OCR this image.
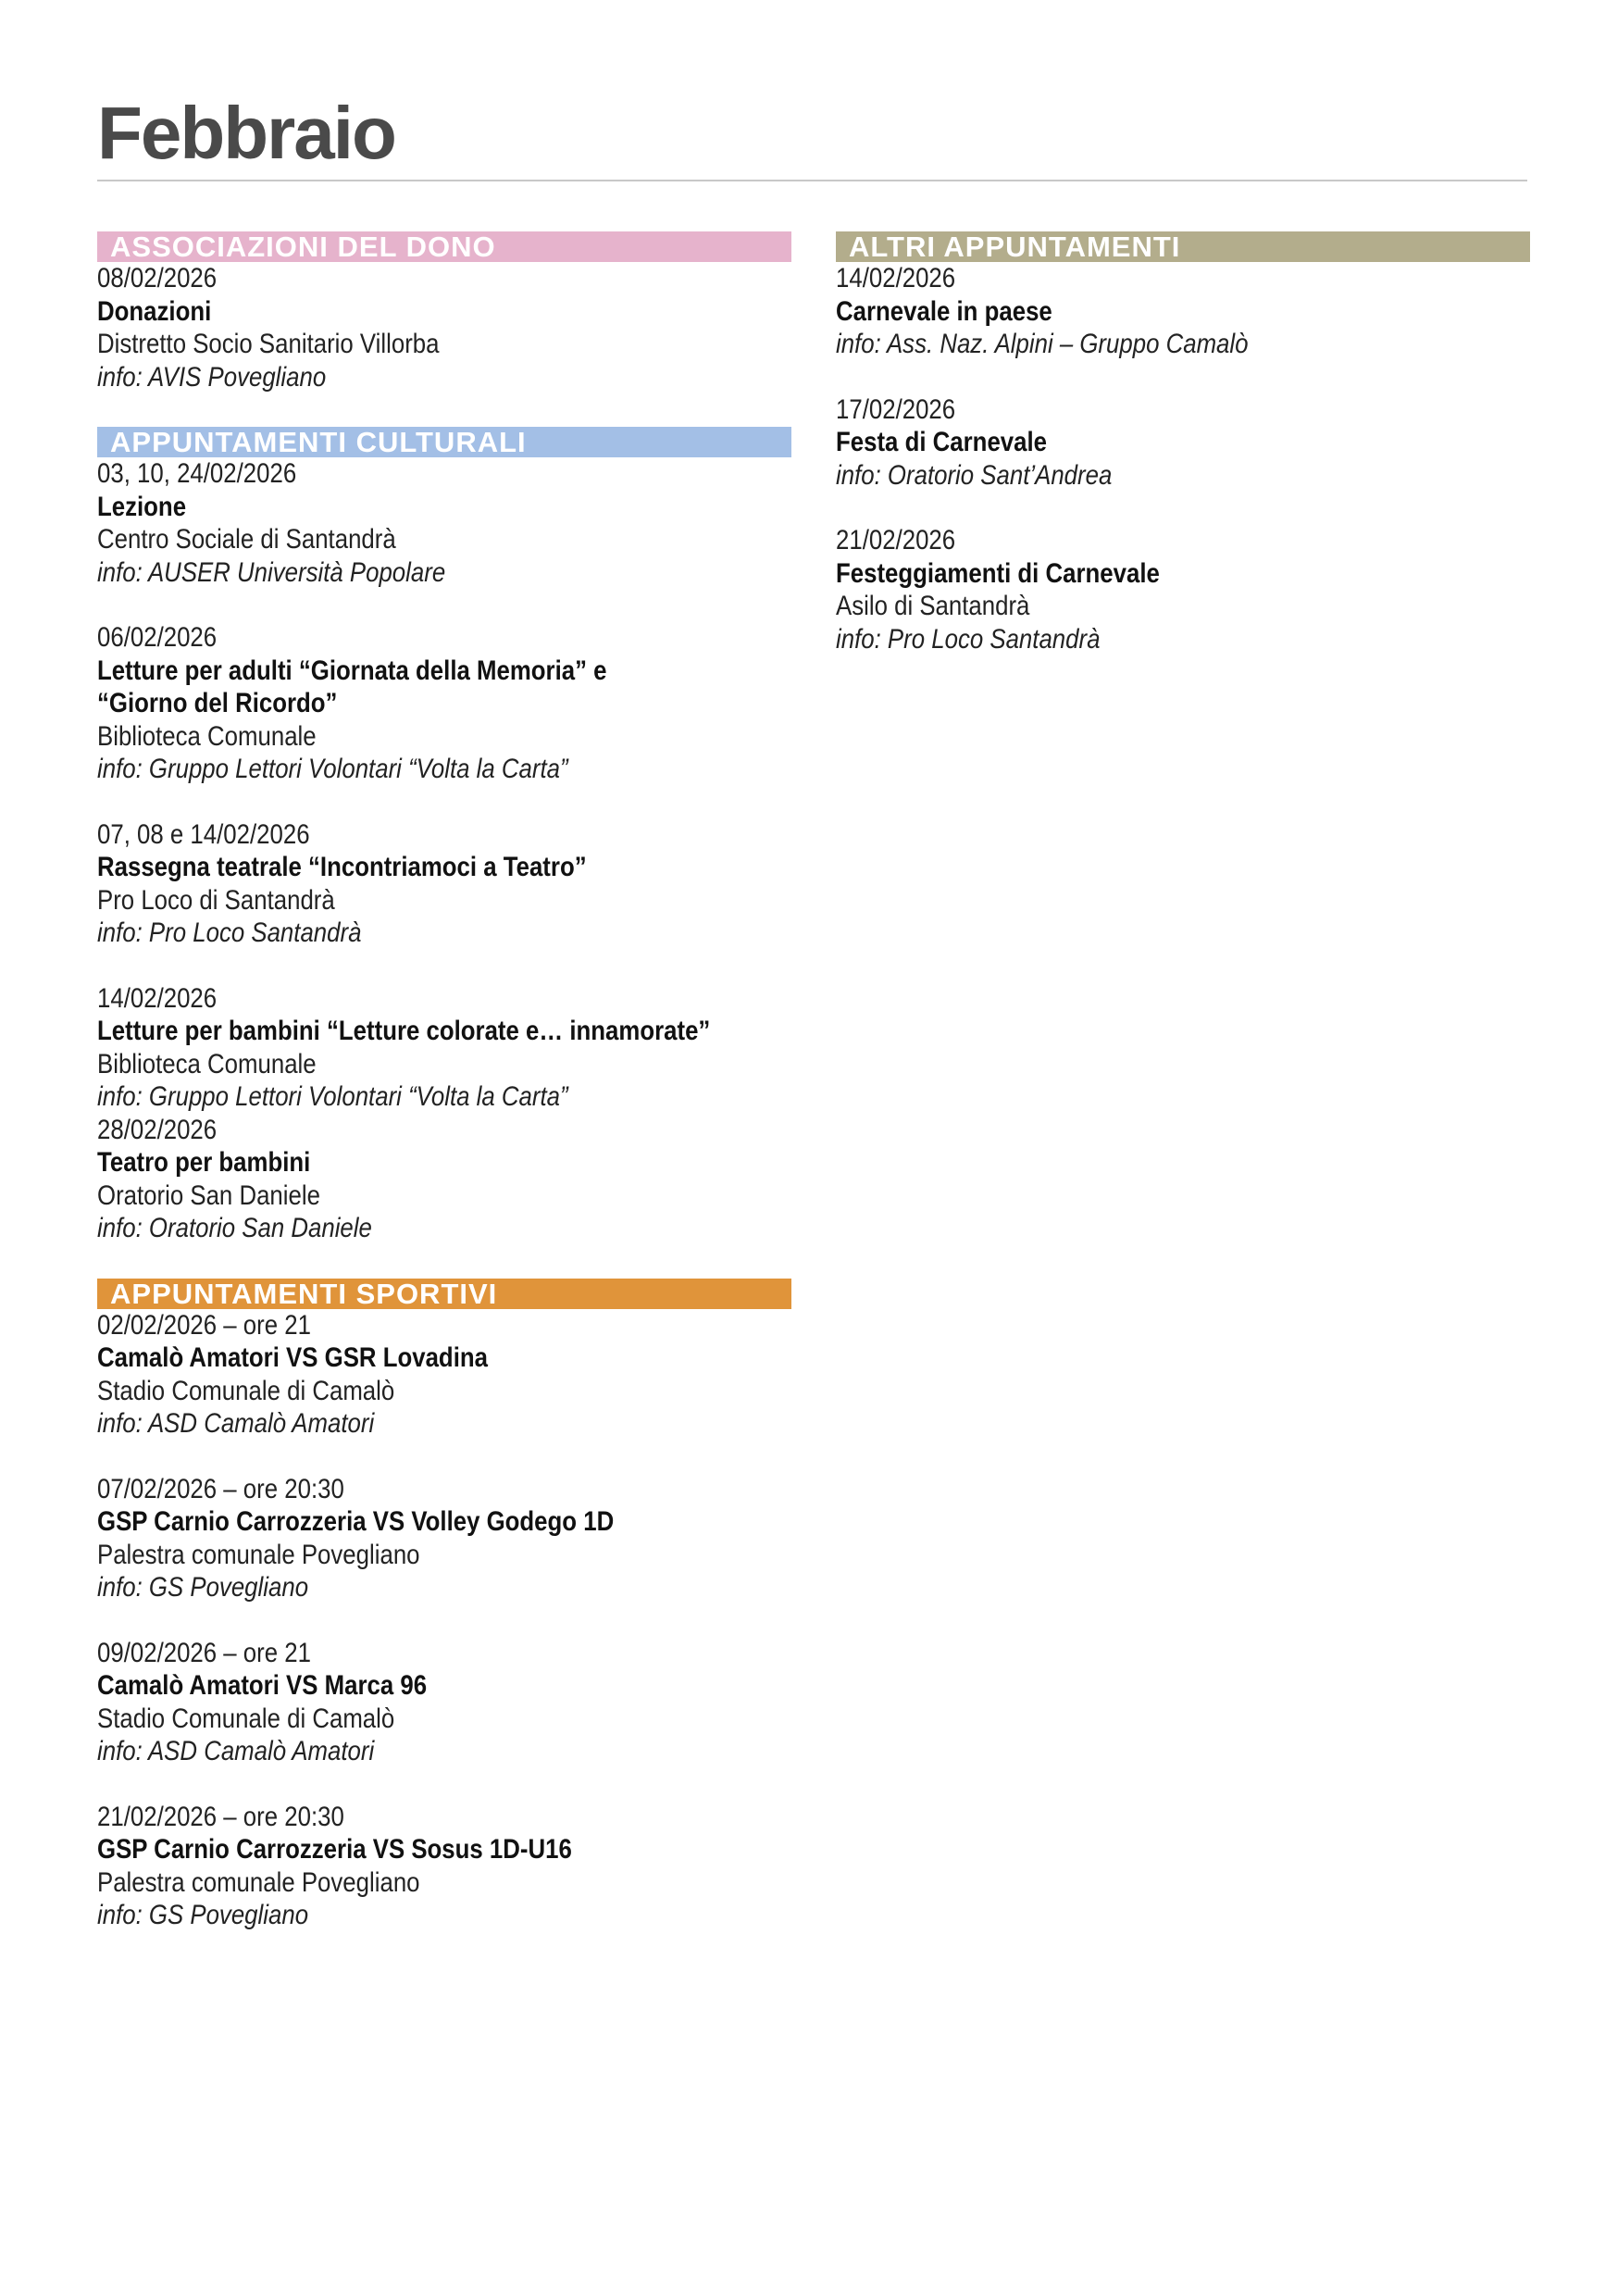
Febbraio
ASSOCIAZIONI DEL DONO
08/02/2026
Donazioni
Distretto Socio Sanitario Villorba
info: AVIS Povegliano
APPUNTAMENTI CULTURALI
03, 10, 24/02/2026
Lezione
Centro Sociale di Santandrà
info: AUSER Università Popolare
06/02/2026
Letture per adulti “Giornata della Memoria” e
“Giorno del Ricordo”
Biblioteca Comunale
info: Gruppo Lettori Volontari “Volta la Carta”
07, 08 e 14/02/2026
Rassegna teatrale “Incontriamoci a Teatro”
Pro Loco di Santandrà
info: Pro Loco Santandrà
14/02/2026
Letture per bambini “Letture colorate e… innamorate”
Biblioteca Comunale
info: Gruppo Lettori Volontari “Volta la Carta”
28/02/2026
Teatro per bambini
Oratorio San Daniele
info: Oratorio San Daniele
APPUNTAMENTI SPORTIVI
02/02/2026 – ore 21
Camalò Amatori VS GSR Lovadina
Stadio Comunale di Camalò
info: ASD Camalò Amatori
07/02/2026 – ore 20:30
GSP Carnio Carrozzeria VS Volley Godego 1D
Palestra comunale Povegliano
info: GS Povegliano
09/02/2026 – ore 21
Camalò Amatori VS Marca 96
Stadio Comunale di Camalò
info: ASD Camalò Amatori
21/02/2026 – ore 20:30
GSP Carnio Carrozzeria VS Sosus 1D-U16
Palestra comunale Povegliano
info: GS Povegliano
ALTRI APPUNTAMENTI
14/02/2026
Carnevale in paese
info: Ass. Naz. Alpini – Gruppo Camalò
17/02/2026
Festa di Carnevale
info: Oratorio Sant’Andrea
21/02/2026
Festeggiamenti di Carnevale
Asilo di Santandrà
info: Pro Loco Santandrà
